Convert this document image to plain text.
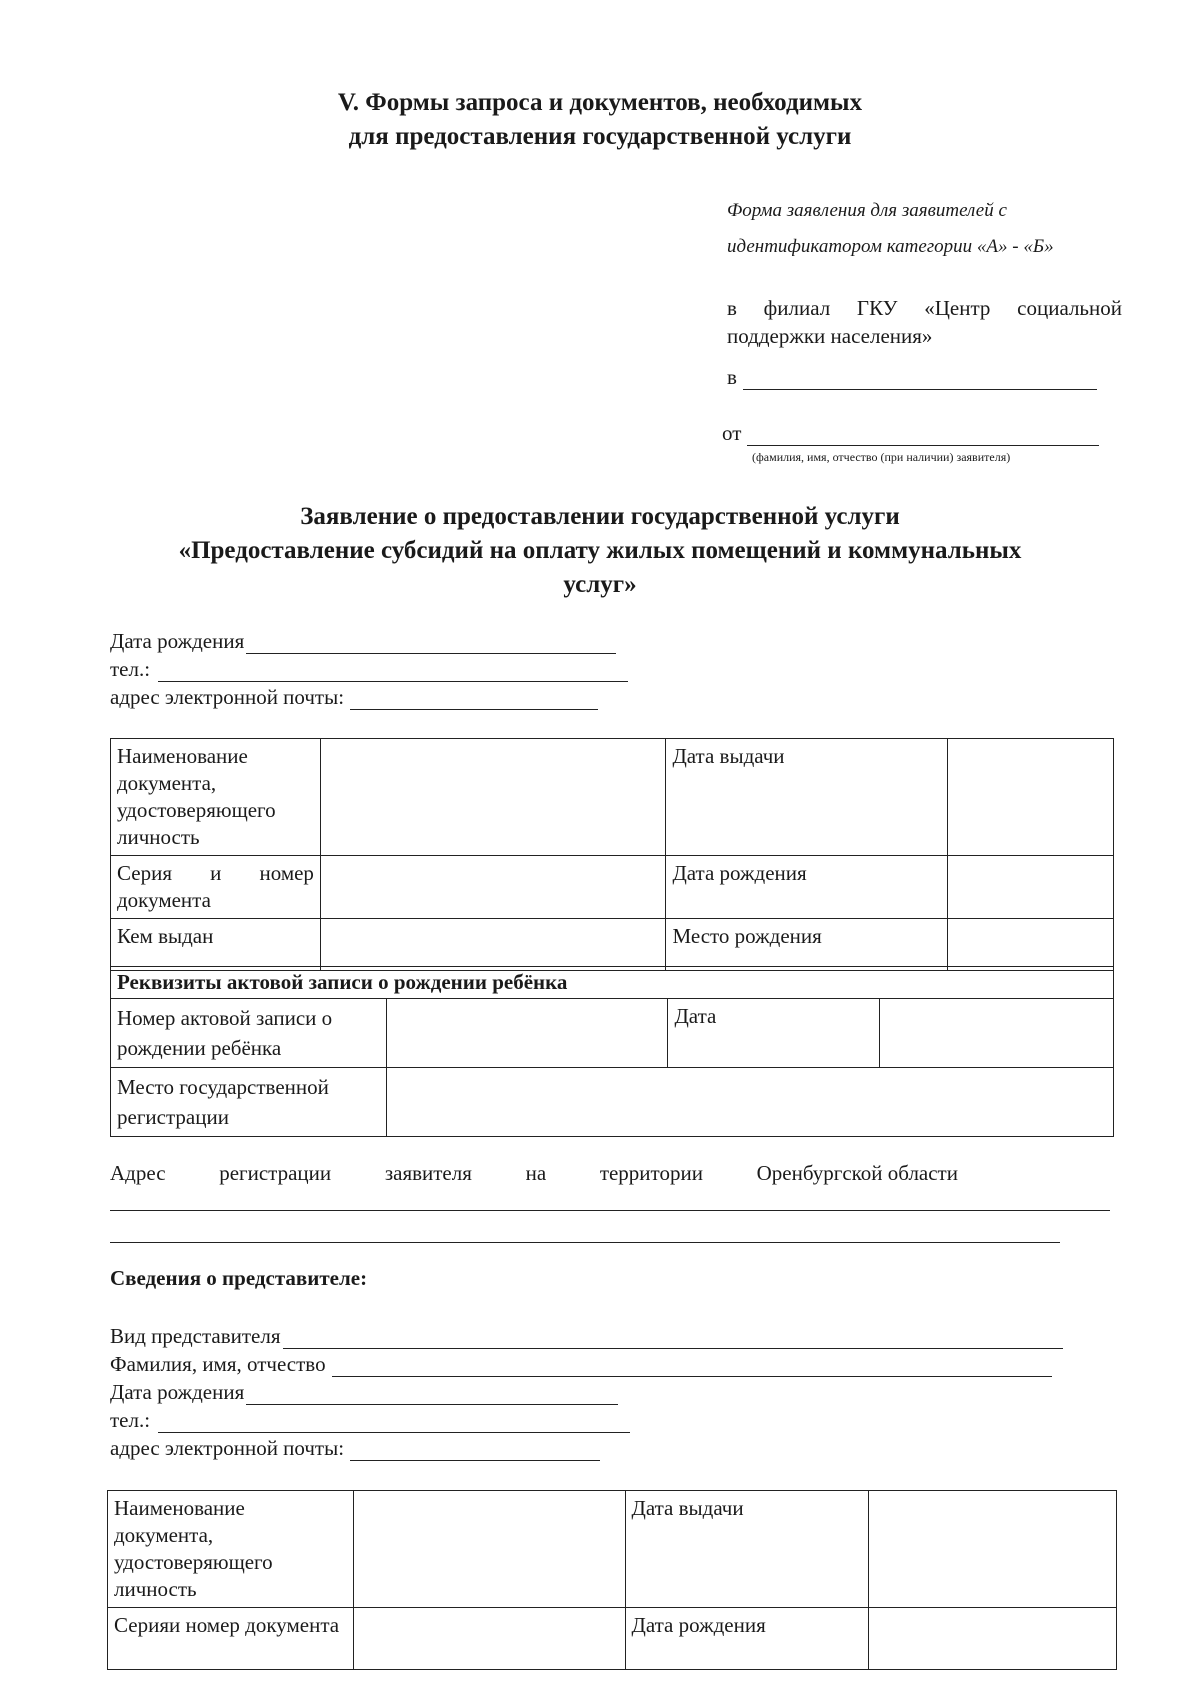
V. Формы запроса и документов, необходимых
для предоставления государственной услуги
Форма заявления для заявителей с
идентификатором категории «А» - «Б»
в филиал ГКУ «Центр социальной поддержки населения»
в
от
(фамилия, имя, отчество (при наличии) заявителя)
Заявление о предоставлении государственной услуги
«Предоставление субсидий на оплату жилых помещений и коммунальных
услуг»
Дата рождения
тел.:
адрес электронной почты:
Наименование документа, удостоверяющего личность		Дата выдачи	
Серия и номер документа		Дата рождения	
Кем выдан		Место рождения	
Реквизиты актовой записи о рождении ребёнка			
Номер актовой записи о рождении ребёнка		Дата	
Место государственной регистрации			
Адрес	регистрации	заявителя	на	территории	Оренбургской области
Сведения о представителе:
Вид представителя
Фамилия, имя, отчество
Дата рождения
тел.:
адрес электронной почты:
Наименование документа, удостоверяющего личность		Дата выдачи	
Серияи номер документа		Дата рождения	
